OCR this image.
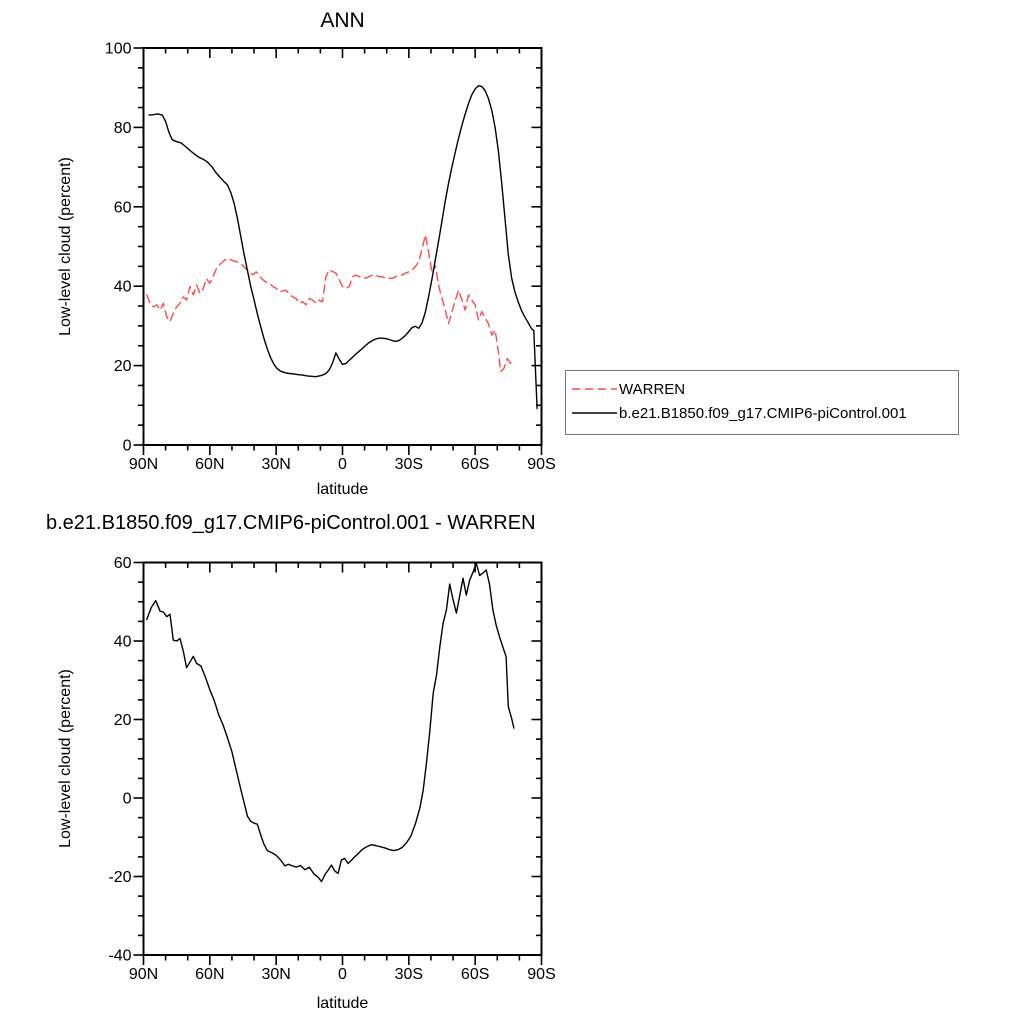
90N 60N 30N	0	30S 60S 90S
0
20
40
60
80
100
90N 60N 30N	0	30S 60S 90S
-40
-20
0
20
40
60
ANN
Low-level cloud (percent)
latitude
WARREN
b.e21.B1850.f09_g17.CMIP6-piControl.001
b.e21.B1850.f09_g17.CMIP6-piControl.001 - WARREN
Low-level cloud (percent)
latitude
